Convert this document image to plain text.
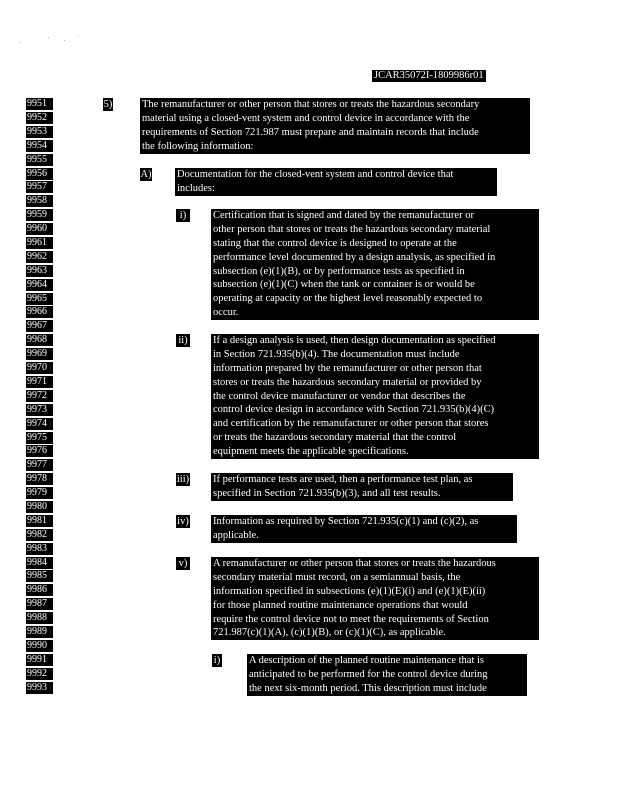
JCAR35072I-1809986r01
9951
9952
9953
9954
9955
9956
9957
9958
9959
9960
9961
9962
9963
9964
9965
9966
9967
9968
9969
9970
9971
9972
9973
9974
9975
9976
9977
9978
9979
9980
9981
9982
9983
9984
9985
9986
9987
9988
9989
9990
9991
9992
9993
5)	The remanufacturer or other person that stores or treats the hazardous secondary
material using a closed-vent system and control device in accordance with the
requirements of Section 721.987 must prepare and maintain records that include
the following information:
A) Documentation for the closed-vent system and control device that
includes:
i)	Certification that is signed and dated by the remanufacturer or
other person that stores or treats the hazardous secondary material
stating that the control device is designed to operate at the
performance level documented by a design analysis, as specified in
subsection (e)(1)(B), or by performance tests as specified in
subsection (e)(1)(C) when the tank or container is or would be
operating at capacity or the highest level reasonably expected to
occur.
ii) If a design analysis is used, then design documentation as specified
in Section 721.935(b)(4). The documentation must include
information prepared by the remanufacturer or other person that
stores or treats the hazardous secondary material or provided by
the control device manufacturer or vendor that describes the
control device design in accordance with Section 721.935(b)(4)(C)
and certification by the remanufacturer or other person that stores
or treats the hazardous secondary material that the control
equipment meets the applicable specifications.
iii) If performance tests are used, then a performance test plan, as
specified in Section 721.935(b)(3), and all test results.
iv) Information as required by Section 721.935(c)(1) and (c)(2), as
applicable.
v) A remanufacturer or other person that stores or treats the hazardous
secondary material must record, on a semiannual basis, the
information specified in subsections (e)(1)(E)(i) and (e)(1)(E)(ii)
for those planned routine maintenance operations that would
require the control device not to meet the requirements of Section
721.987(c)(1)(A), (c)(1)(B), or (c)(1)(C), as applicable.
i)	A description of the planned routine maintenance that is
anticipated to be performed for the control device during
the next six-month period. This description must include
